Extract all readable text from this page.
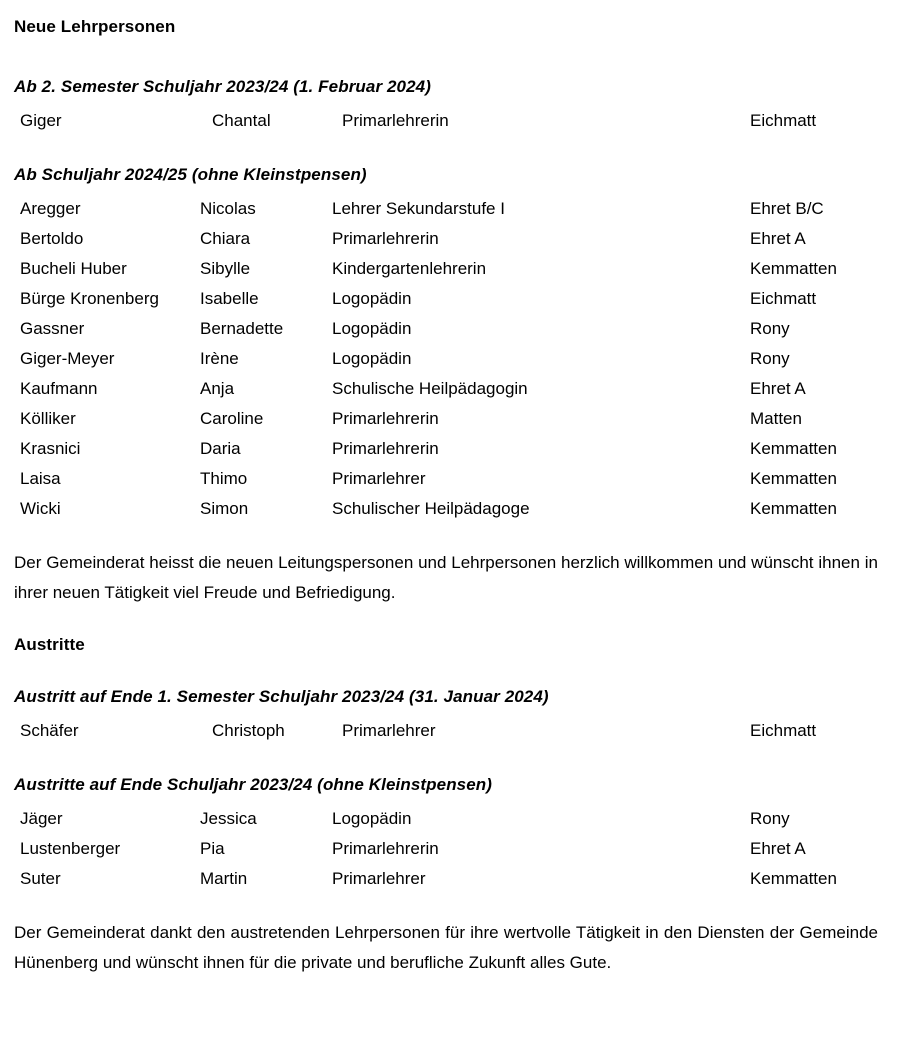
Neue Lehrpersonen
Ab 2. Semester Schuljahr 2023/24 (1. Februar 2024)
Giger	Chantal	Primarlehrerin	Eichmatt
Ab Schuljahr 2024/25 (ohne Kleinstpensen)
Aregger	Nicolas	Lehrer Sekundarstufe I	Ehret B/C
Bertoldo	Chiara	Primarlehrerin	Ehret A
Bucheli Huber	Sibylle	Kindergartenlehrerin	Kemmatten
Bürge Kronenberg	Isabelle	Logopädin	Eichmatt
Gassner	Bernadette	Logopädin	Rony
Giger-Meyer	Irène	Logopädin	Rony
Kaufmann	Anja	Schulische Heilpädagogin	Ehret A
Kölliker	Caroline	Primarlehrerin	Matten
Krasnici	Daria	Primarlehrerin	Kemmatten
Laisa	Thimo	Primarlehrer	Kemmatten
Wicki	Simon	Schulischer Heilpädagoge	Kemmatten

Der Gemeinderat heisst die neuen Leitungspersonen und Lehrpersonen herzlich willkommen und wünscht ihnen in ihrer neuen Tätigkeit viel Freude und Befriedigung.

Austritte
Austritt auf Ende 1. Semester Schuljahr 2023/24 (31. Januar 2024)
Schäfer	Christoph	Primarlehrer	Eichmatt
Austritte auf Ende Schuljahr 2023/24 (ohne Kleinstpensen)
Jäger	Jessica	Logopädin	Rony
Lustenberger	Pia	Primarlehrerin	Ehret A
Suter	Martin	Primarlehrer	Kemmatten

Der Gemeinderat dankt den austretenden Lehrpersonen für ihre wertvolle Tätigkeit in den Diensten der Gemeinde Hünenberg und wünscht ihnen für die private und berufliche Zukunft alles Gute.
